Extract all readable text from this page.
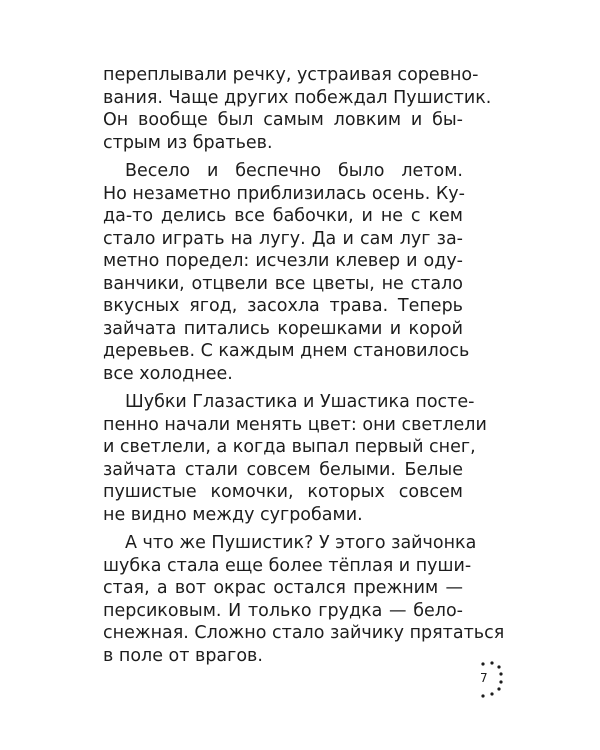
переплывали речку, устраивая соревно-
вания. Чаще других побеждал Пушистик.
Он вообще был самым ловким и бы-
стрым из братьев.
Весело и беспечно было летом.
Но незаметно приблизилась осень. Ку-
да-то делись все бабочки, и не с кем
стало играть на лугу. Да и сам луг за-
метно поредел: исчезли клевер и оду-
ванчики, отцвели все цветы, не стало
вкусных ягод, засохла трава. Теперь
зайчата питались корешками и корой
деревьев. С каждым днем становилось
все холоднее.
Шубки Глазастика и Ушастика посте-
пенно начали менять цвет: они светлели
и светлели, а когда выпал первый снег,
зайчата стали совсем белыми. Белые
пушистые комочки, которых совсем
не видно между сугробами.
А что же Пушистик? У этого зайчонка
шубка стала еще более тёплая и пуши-
стая, а вот окрас остался прежним —
персиковым. И только грудка — бело-
снежная. Сложно стало зайчику прятаться
в поле от врагов.
7
